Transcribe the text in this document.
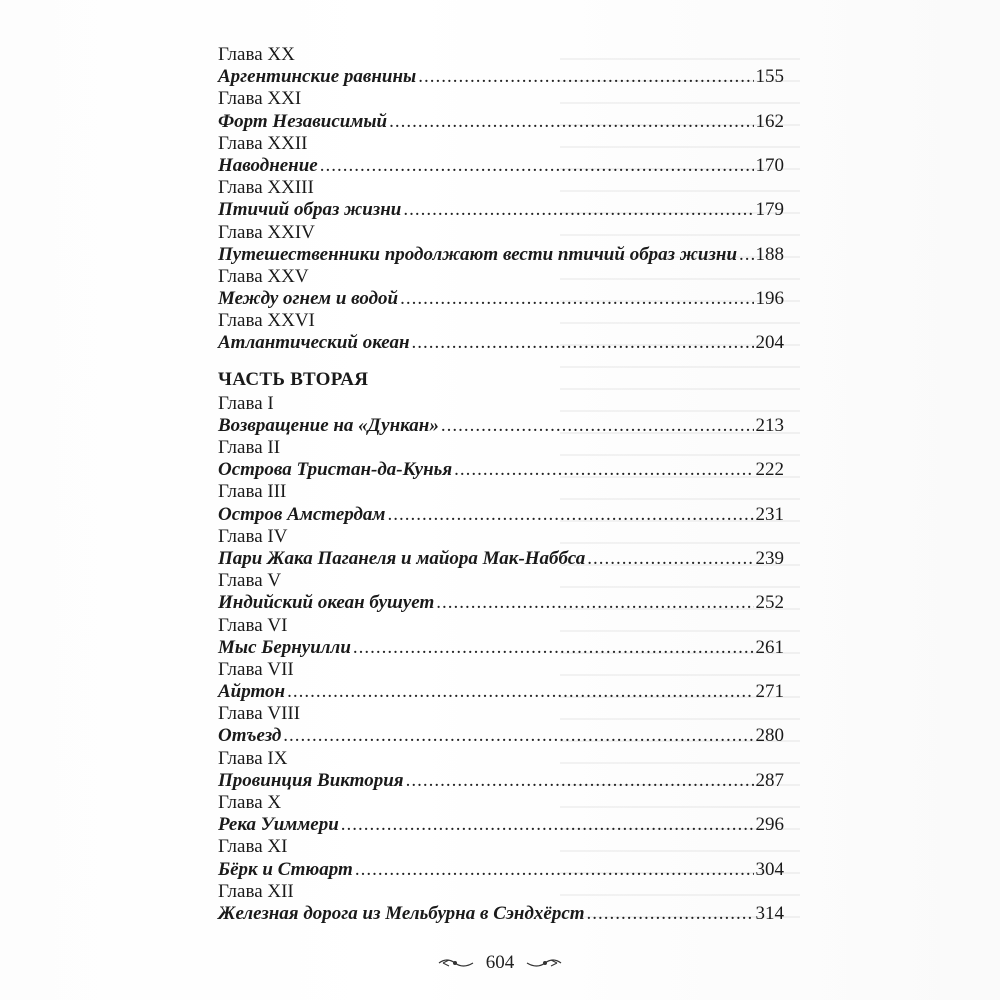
Глава XX
Аргентинские равнины .....	155
Глава XXI
Форт Независимый .....	162
Глава XXII
Наводнение .....	170
Глава XXIII
Птичий образ жизни .....	179
Глава XXIV
Путешественники продолжают вести птичий образ жизни ..... 188
Глава XXV
Между огнем и водой .....	196
Глава XXVI
Атлантический океан .....	204
ЧАСТЬ ВТОРАЯ
Глава I
Возвращение на «Дункан» .....	213
Глава II
Острова Тристан-да-Кунья .....	222
Глава III
Остров Амстердам .....	231
Глава IV
Пари Жака Паганеля и майора Мак-Наббса .....	239
Глава V
Индийский океан бушует .....	252
Глава VI
Мыс Бернуилли .....	261
Глава VII
Айртон .....	271
Глава VIII
Отъезд .....	280
Глава IX
Провинция Виктория .....	287
Глава X
Река Уиммери .....	296
Глава XI
Бёрк и Стюарт .....	304
Глава XII
Железная дорога из Мельбурна в Сэндхёрст .....	314
604
